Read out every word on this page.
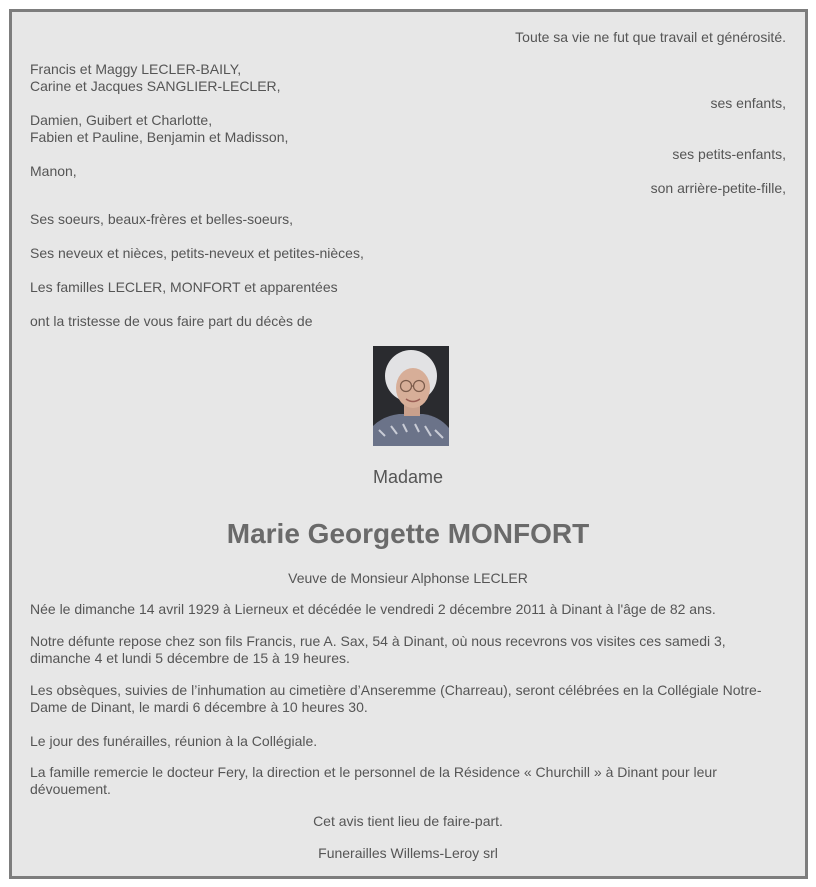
Toute sa vie ne fut que travail et générosité.
Francis et Maggy LECLER-BAILY,
Carine et Jacques SANGLIER-LECLER,
ses enfants,
Damien, Guibert et Charlotte,
Fabien et Pauline, Benjamin et Madisson,
ses petits-enfants,
Manon,
son arrière-petite-fille,
Ses soeurs, beaux-frères et belles-soeurs,
Ses neveux et nièces, petits-neveux et petites-nièces,
Les familles LECLER, MONFORT et apparentées
ont la tristesse de vous faire part du décès de
Madame
Marie Georgette MONFORT
Veuve de Monsieur Alphonse LECLER
Née le dimanche 14 avril 1929 à Lierneux et décédée le vendredi 2 décembre 2011 à Dinant à l'âge de 82 ans.
Notre défunte repose chez son fils Francis, rue A. Sax, 54 à Dinant, où nous recevrons vos visites ces samedi 3, dimanche 4 et lundi 5 décembre de 15 à 19 heures.
Les obsèques, suivies de l’inhumation au cimetière d’Anseremme (Charreau), seront célébrées en la Collégiale Notre-Dame de Dinant, le mardi 6 décembre à 10 heures 30.
Le jour des funérailles, réunion à la Collégiale.
La famille remercie le docteur Fery, la direction et le personnel de la Résidence « Churchill » à Dinant pour leur dévouement.
Cet avis tient lieu de faire-part.
Funerailles Willems-Leroy srl
